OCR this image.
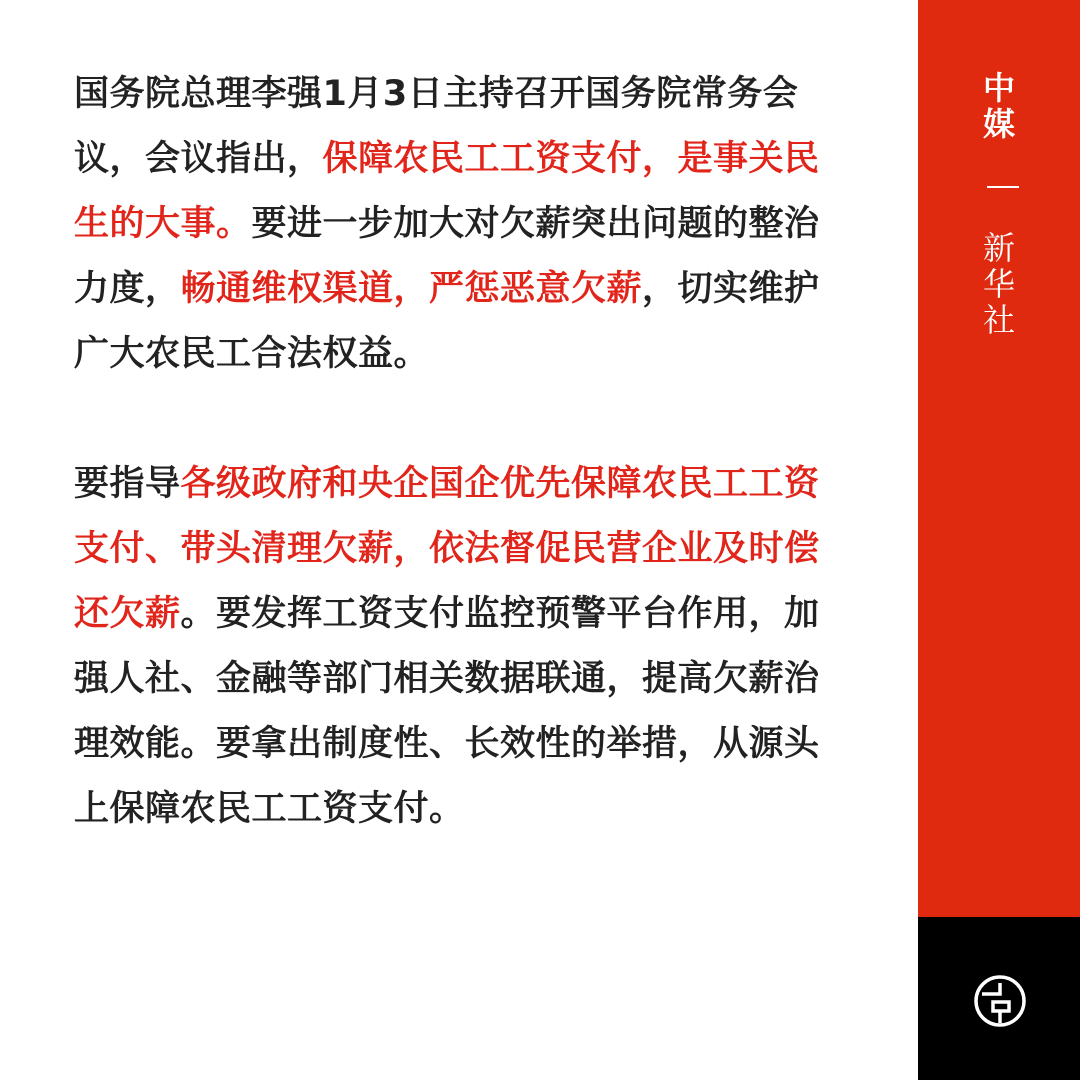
国务院总理李强1月3日主持召开国务院常务会议，会议指出，保障农民工工资支付，是事关民生的大事。要进一步加大对欠薪突出问题的整治力度，畅通维权渠道，严惩恶意欠薪，切实维护广大农民工合法权益。

要指导各级政府和央企国企优先保障农民工工资支付、带头清理欠薪，依法督促民营企业及时偿还欠薪。要发挥工资支付监控预警平台作用，加强人社、金融等部门相关数据联通，提高欠薪治理效能。要拿出制度性、长效性的举措，从源头上保障农民工工资支付。

中
媒
新
华
社
